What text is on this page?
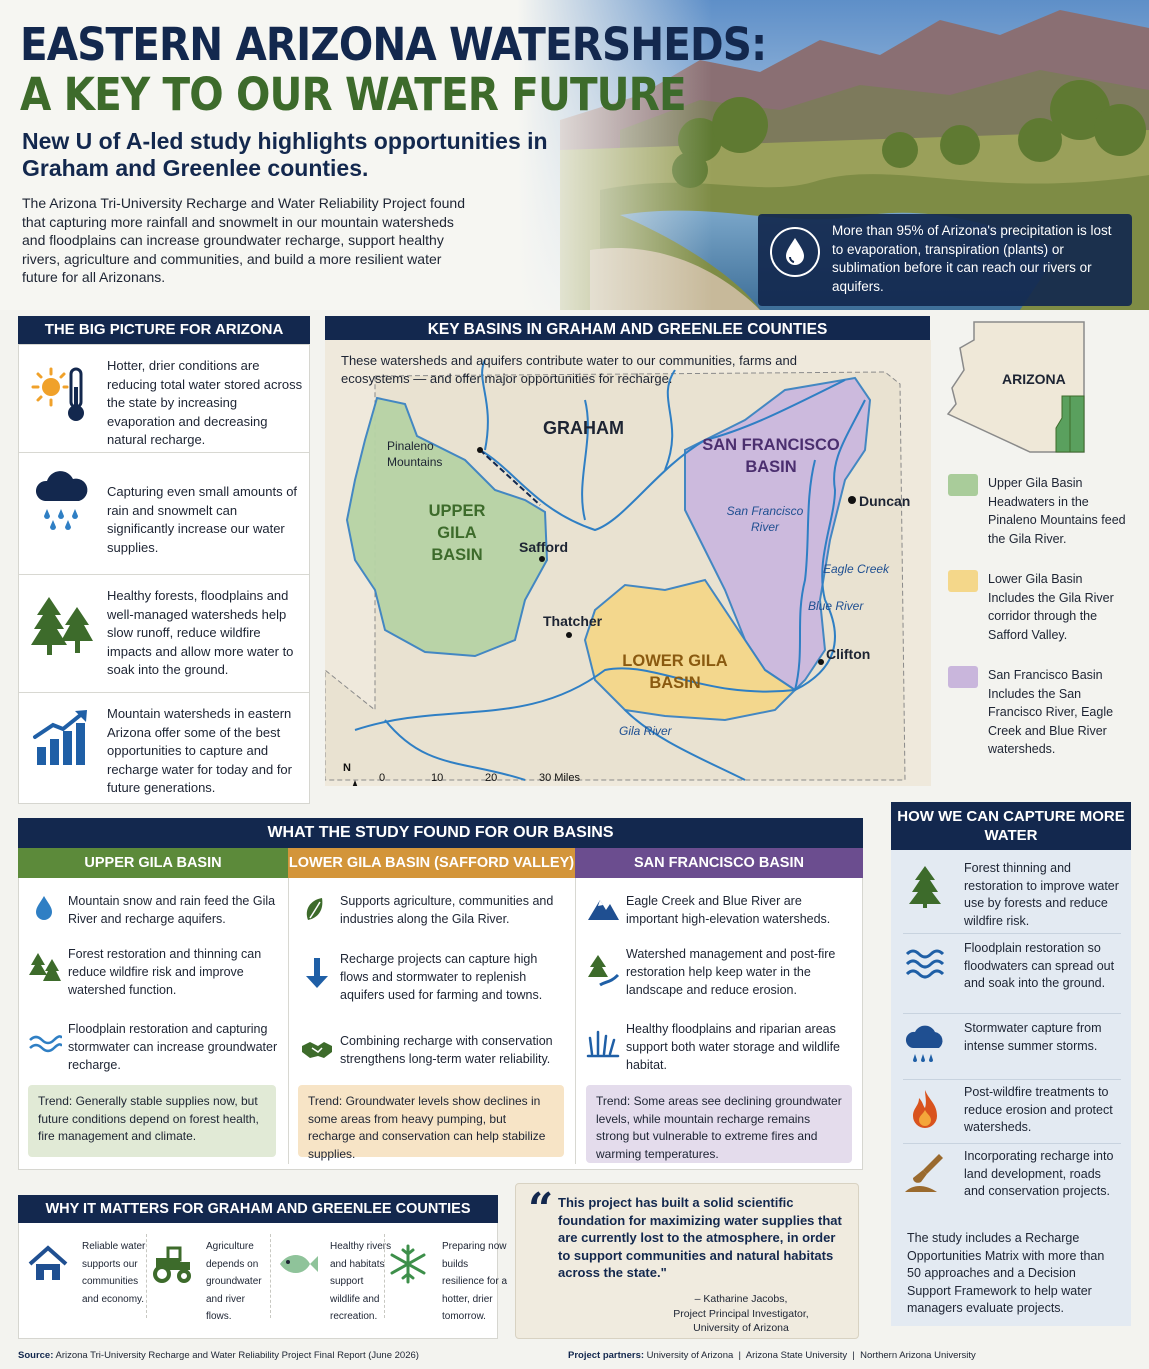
EASTERN ARIZONA WATERSHEDS:
A KEY TO OUR WATER FUTURE
New U of A-led study highlights opportunities in Graham and Greenlee counties.
The Arizona Tri-University Recharge and Water Reliability Project found that capturing more rainfall and snowmelt in our mountain watersheds and floodplains can increase groundwater recharge, support healthy rivers, agriculture and communities, and build a more resilient water future for all Arizonans.
More than 95% of Arizona's precipitation is lost to evaporation, transpiration (plants) or sublimation before it can reach our rivers or aquifers.
THE BIG PICTURE FOR ARIZONA
Hotter, drier conditions are reducing total water stored across the state by increasing evaporation and decreasing natural recharge.
Capturing even small amounts of rain and snowmelt can significantly increase our water supplies.
Healthy forests, floodplains and well-managed watersheds help slow runoff, reduce wildfire impacts and allow more water to soak into the ground.
Mountain watersheds in eastern Arizona offer some of the best opportunities to capture and recharge water for today and for future generations.
KEY BASINS IN GRAHAM AND GREENLEE COUNTIES
These watersheds and aquifers contribute water to our communities, farms and ecosystems — and offer major opportunities for recharge.
GRAHAM
Pinaleno
Mountains
UPPER GILA
BASIN
SAN FRANCISCO
BASIN
LOWER GILA
BASIN
Safford
Thatcher
Duncan
Clifton
San Francisco
River
Eagle Creek
Blue River
Gila River
N
0	10	20	30 Miles
ARIZONA
Upper Gila Basin
Headwaters in the Pinaleno Mountains feed the Gila River.
Lower Gila Basin
Includes the Gila River corridor through the Safford Valley.
San Francisco Basin
Includes the San Francisco River, Eagle Creek and Blue River watersheds.
WHAT THE STUDY FOUND FOR OUR BASINS
UPPER GILA BASIN	LOWER GILA BASIN (SAFFORD VALLEY)	SAN FRANCISCO BASIN
Mountain snow and rain feed the Gila River and recharge aquifers.
Forest restoration and thinning can reduce wildfire risk and improve watershed function.
Floodplain restoration and capturing stormwater can increase groundwater recharge.
Trend: Generally stable supplies now, but future conditions depend on forest health, fire management and climate.
Supports agriculture, communities and industries along the Gila River.
Recharge projects can capture high flows and stormwater to replenish aquifers used for farming and towns.
Combining recharge with conservation strengthens long-term water reliability.
Trend: Groundwater levels show declines in some areas from heavy pumping, but recharge and conservation can help stabilize supplies.
Eagle Creek and Blue River are important high-elevation watersheds.
Watershed management and post-fire restoration help keep water in the landscape and reduce erosion.
Healthy floodplains and riparian areas support both water storage and wildlife habitat.
Trend: Some areas see declining groundwater levels, while mountain recharge remains strong but vulnerable to extreme fires and warming temperatures.
HOW WE CAN CAPTURE MORE WATER
Forest thinning and restoration to improve water use by forests and reduce wildfire risk.
Floodplain restoration so floodwaters can spread out and soak into the ground.
Stormwater capture from intense summer storms.
Post-wildfire treatments to reduce erosion and protect watersheds.
Incorporating recharge into land development, roads and conservation projects.
The study includes a Recharge Opportunities Matrix with more than 50 approaches and a Decision Support Framework to help water managers evaluate projects.
WHY IT MATTERS FOR GRAHAM AND GREENLEE COUNTIES
Reliable water supports our communities and economy.
Agriculture depends on groundwater and river flows.
Healthy rivers and habitats support wildlife and recreation.
Preparing now builds resilience for a hotter, drier tomorrow.
“ This project has built a solid scientific foundation for maximizing water supplies that are currently lost to the atmosphere, in order to support communities and natural habitats across the state."
– Katharine Jacobs,
Project Principal Investigator,
University of Arizona
Source: Arizona Tri-University Recharge and Water Reliability Project Final Report (June 2026)	Project partners: University of Arizona  |  Arizona State University  |  Northern Arizona University
